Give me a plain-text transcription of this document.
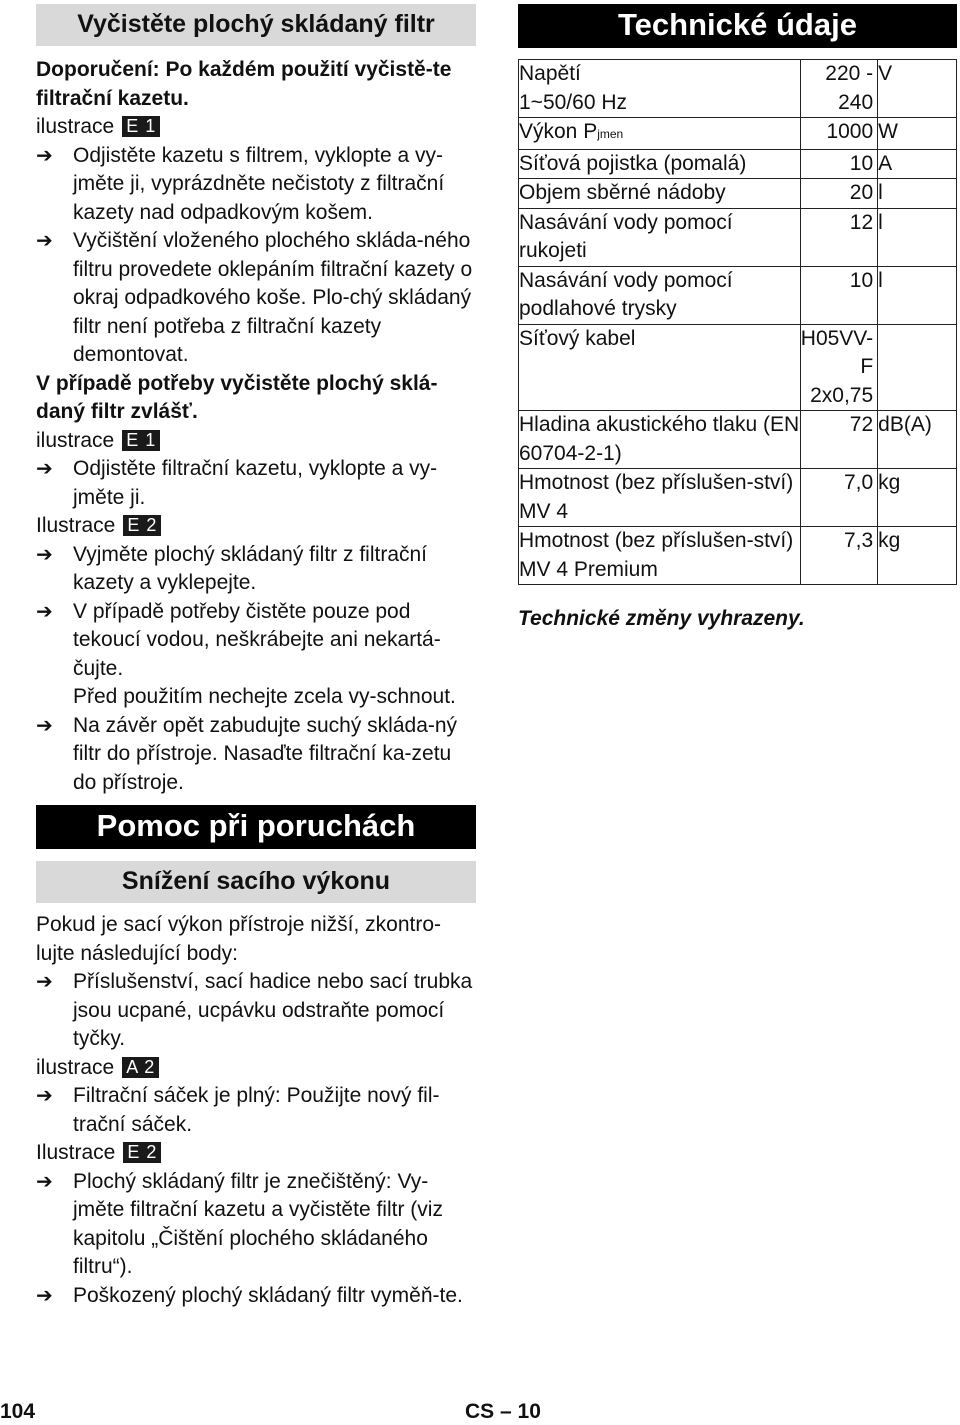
Vyčistěte plochý skládaný filtr

Doporučení: Po každém použití vyčistě-te filtrační kazetu.

ilustrace E 1
➔ Odjistěte kazetu s filtrem, vyklopte a vy-jměte ji, vyprázdněte nečistoty z filtrační kazety nad odpadkovým košem.
➔ Vyčištění vloženého plochého skláda-ného filtru provedete oklepáním filtrační kazety o okraj odpadkového koše. Plo-chý skládaný filtr není potřeba z filtrační kazety demontovat.

V případě potřeby vyčistěte plochý sklá-daný filtr zvlášť.

ilustrace E 1
➔ Odjistěte filtrační kazetu, vyklopte a vy-jměte ji.
Ilustrace E 2
➔ Vyjměte plochý skládaný filtr z filtrační kazety a vyklepejte.
➔ V případě potřeby čistěte pouze pod tekoucí vodou, neškrábejte ani nekartá-čujte.
Před použitím nechejte zcela vy-schnout.
➔ Na závěr opět zabudujte suchý skláda-ný filtr do přístroje. Nasaďte filtrační ka-zetu do přístroje.
Pomoc při poruchách
Snížení sacího výkonu

Pokud je sací výkon přístroje nižší, zkontro-lujte následující body:

➔ Příslušenství, sací hadice nebo sací trubka jsou ucpané, ucpávku odstraňte pomocí tyčky.
ilustrace A 2
➔ Filtrační sáček je plný: Použijte nový fil-trační sáček.
Ilustrace E 2
➔ Plochý skládaný filtr je znečištěný: Vy-jměte filtrační kazetu a vyčistěte filtr (viz kapitolu „Čištění plochého skládaného filtru“).
➔ Poškozený plochý skládaný filtr vyměň-te.
Technické údaje
Napětí
1~50/60 Hz	220 - 240	V
Výkon Pjmen	1000	W
Síťová pojistka (pomalá)	10	A
Objem sběrné nádoby	20	l
Nasávání vody pomocí rukojeti	12	l
Nasávání vody pomocí podlahové trysky	10	l
Síťový kabel	H05VV-F 2x0,75	
Hladina akustického tlaku (EN 60704-2-1)	72	dB(A)
Hmotnost (bez příslušen-ství)
MV 4	7,0	kg
Hmotnost (bez příslušen-ství)
MV 4 Premium	7,3	kg
Technické změny vyhrazeny.
104	CS – 10
